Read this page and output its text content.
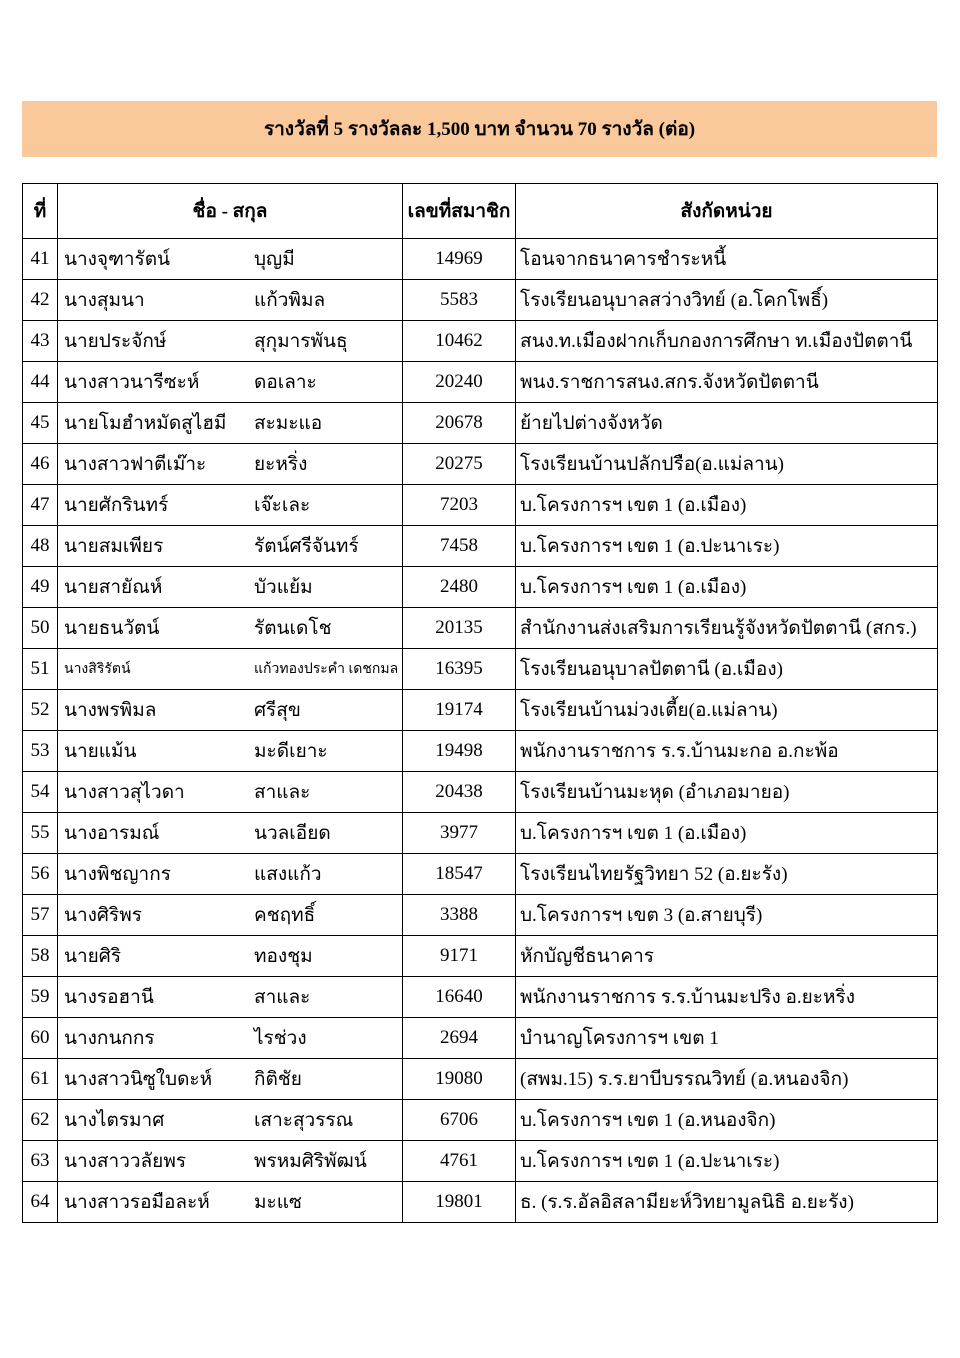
รางวัลที่ 5 รางวัลละ 1,500 บาท จำนวน 70 รางวัล (ต่อ)
ที่	ชื่อ - สกุล	เลขที่สมาชิก	สังกัดหน่วย
41	นางจุฑารัตน์ บุญมี	14969	โอนจากธนาคารชำระหนี้
42	นางสุมนา แก้วพิมล	5583	โรงเรียนอนุบาลสว่างวิทย์ (อ.โคกโพธิ์)
43	นายประจักษ์ สุกุมารพันธุ	10462	สนง.ท.เมืองฝากเก็บกองการศึกษา ท.เมืองปัตตานี
44	นางสาวนารีซะห์ ดอเลาะ	20240	พนง.ราชการสนง.สกร.จังหวัดปัตตานี
45	นายโมฮำหมัดสูไฮมี สะมะแอ	20678	ย้ายไปต่างจังหวัด
46	นางสาวฟาตีเม๊าะ ยะหริ่ง	20275	โรงเรียนบ้านปลักปรือ(อ.แม่ลาน)
47	นายศักรินทร์ เจ๊ะเละ	7203	บ.โครงการฯ เขต 1 (อ.เมือง)
48	นายสมเพียร รัตน์ศรีจันทร์	7458	บ.โครงการฯ เขต 1 (อ.ปะนาเระ)
49	นายสายัณห์ บัวแย้ม	2480	บ.โครงการฯ เขต 1 (อ.เมือง)
50	นายธนวัตน์ รัตนเดโช	20135	สำนักงานส่งเสริมการเรียนรู้จังหวัดปัตตานี (สกร.)
51	นางสิริรัตน์ แก้วทองประคำ เดชกมล	16395	โรงเรียนอนุบาลปัตตานี (อ.เมือง)
52	นางพรพิมล ศรีสุข	19174	โรงเรียนบ้านม่วงเตี้ย(อ.แม่ลาน)
53	นายแม้น มะดีเยาะ	19498	พนักงานราชการ ร.ร.บ้านมะกอ อ.กะพ้อ
54	นางสาวสุไวดา สาและ	20438	โรงเรียนบ้านมะหุด (อำเภอมายอ)
55	นางอารมณ์ นวลเอียด	3977	บ.โครงการฯ เขต 1 (อ.เมือง)
56	นางพิชญากร แสงแก้ว	18547	โรงเรียนไทยรัฐวิทยา 52 (อ.ยะรัง)
57	นางศิริพร คชฤทธิ์	3388	บ.โครงการฯ เขต 3 (อ.สายบุรี)
58	นายศิริ ทองชุม	9171	หักบัญชีธนาคาร
59	นางรอฮานี สาและ	16640	พนักงานราชการ ร.ร.บ้านมะปริง อ.ยะหริ่ง
60	นางกนกกร ไรช่วง	2694	บำนาญโครงการฯ เขต 1
61	นางสาวนิซูใบดะห์ กิติชัย	19080	(สพม.15) ร.ร.ยาบีบรรณวิทย์ (อ.หนองจิก)
62	นางไตรมาศ เสาะสุวรรณ	6706	บ.โครงการฯ เขต 1 (อ.หนองจิก)
63	นางสาววลัยพร พรหมศิริพัฒน์	4761	บ.โครงการฯ เขต 1 (อ.ปะนาเระ)
64	นางสาวรอมือละห์ มะแซ	19801	ธ. (ร.ร.อัลอิสลามียะห์วิทยามูลนิธิ อ.ยะรัง)
